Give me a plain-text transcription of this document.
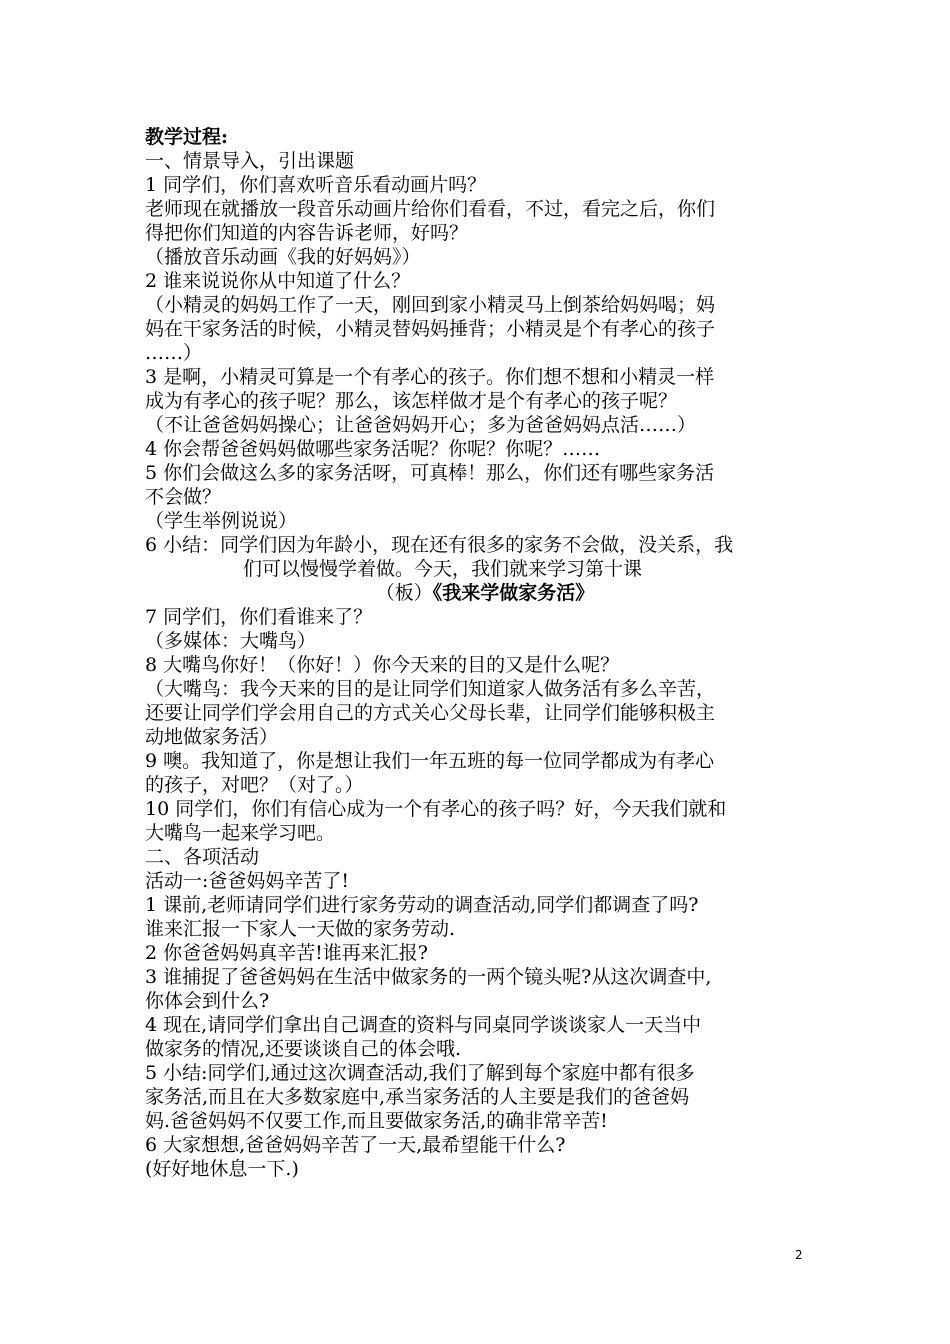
教学过程:
一、情景导入，引出课题
1 同学们，你们喜欢听音乐看动画片吗？
老师现在就播放一段音乐动画片给你们看看，不过，看完之后，你们
得把你们知道的内容告诉老师，好吗？
（播放音乐动画《我的好妈妈》）
2 谁来说说你从中知道了什么？
（小精灵的妈妈工作了一天，刚回到家小精灵马上倒茶给妈妈喝；妈
妈在干家务活的时候，小精灵替妈妈捶背；小精灵是个有孝心的孩子
……）
3 是啊，小精灵可算是一个有孝心的孩子。你们想不想和小精灵一样
成为有孝心的孩子呢？那么，该怎样做才是个有孝心的孩子呢？
（不让爸爸妈妈操心；让爸爸妈妈开心；多为爸爸妈妈点活……）
4 你会帮爸爸妈妈做哪些家务活呢？你呢？你呢？……
5 你们会做这么多的家务活呀，可真棒！那么，你们还有哪些家务活
不会做？
（学生举例说说）
6 小结：同学们因为年龄小，现在还有很多的家务不会做，没关系，我
们可以慢慢学着做。今天，我们就来学习第十课
（板）《我来学做家务活》
7 同学们，你们看谁来了？
（多媒体：大嘴鸟）
8 大嘴鸟你好！（你好！）你今天来的目的又是什么呢？
（大嘴鸟：我今天来的目的是让同学们知道家人做务活有多么辛苦，
还要让同学们学会用自己的方式关心父母长辈，让同学们能够积极主
动地做家务活）
9 噢。我知道了，你是想让我们一年五班的每一位同学都成为有孝心
的孩子，对吧？（对了。）
10 同学们，你们有信心成为一个有孝心的孩子吗？好，今天我们就和
大嘴鸟一起来学习吧。
二、各项活动
活动一:爸爸妈妈辛苦了!
1 课前,老师请同学们进行家务劳动的调查活动,同学们都调查了吗?
谁来汇报一下家人一天做的家务劳动.
2 你爸爸妈妈真辛苦!谁再来汇报?
3 谁捕捉了爸爸妈妈在生活中做家务的一两个镜头呢?从这次调查中,
你体会到什么?
4 现在,请同学们拿出自己调查的资料与同桌同学谈谈家人一天当中
做家务的情况,还要谈谈自己的体会哦.
5 小结:同学们,通过这次调查活动,我们了解到每个家庭中都有很多
家务活,而且在大多数家庭中,承当家务活的人主要是我们的爸爸妈
妈.爸爸妈妈不仅要工作,而且要做家务活,的确非常辛苦!
6 大家想想,爸爸妈妈辛苦了一天,最希望能干什么?
(好好地休息一下.)
2
